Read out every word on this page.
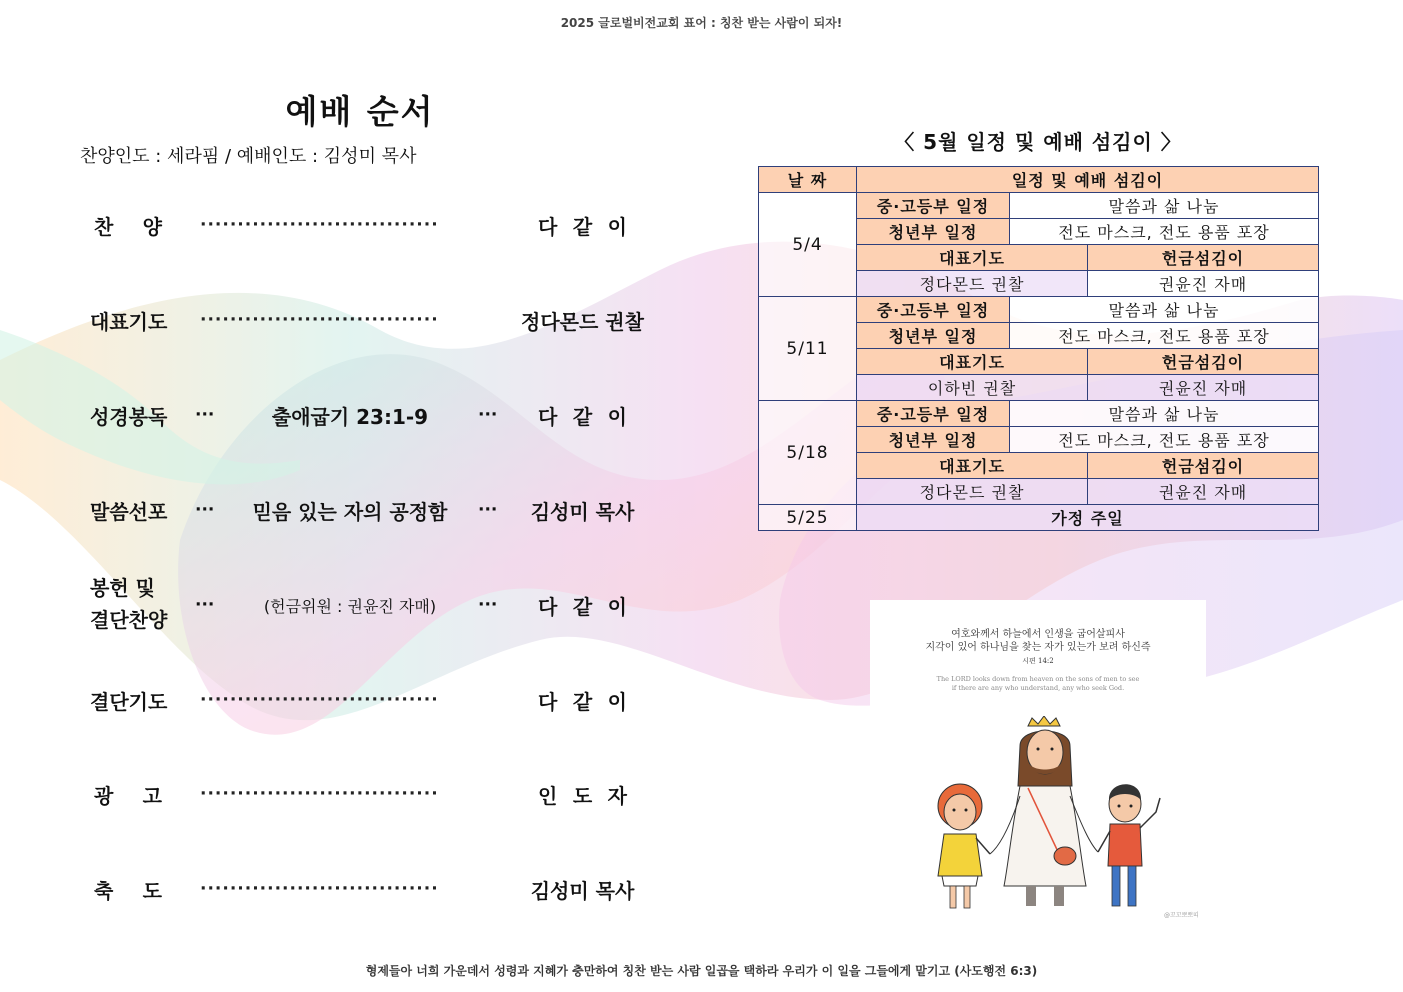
2025 글로벌비전교회 표어 : 칭찬 받는 사람이 되자!
예배 순서
찬양인도 : 세라핌 / 예배인도 : 김성미 목사
찬 양 ································	다 같 이
대표기도	································	정다몬드 권찰
성경봉독	···	출애굽기 23:1-9	··· 다 같 이
말씀선포	···	믿음 있는 자의 공정함	···	김성미 목사
봉헌 및
결단찬양
···	(헌금위원 : 권윤진 자매)	··· 다 같 이
결단기도	································	다 같 이
광 고 ································	인 도 자
축 도 ································	김성미 목사
〈 5월 일정 및 예배 섬김이 〉
날 짜	일정 및 예배 섬김이		
5/4	중·고등부 일정	말씀과 삶 나눔	
	청년부 일정	전도 마스크, 전도 용품 포장	
	대표기도		헌금섬김이
	정다몬드 권찰		권윤진 자매
5/11	중·고등부 일정	말씀과 삶 나눔	
	청년부 일정	전도 마스크, 전도 용품 포장	
	대표기도		헌금섬김이
	이하빈 권찰		권윤진 자매
5/18	중·고등부 일정	말씀과 삶 나눔	
	청년부 일정	전도 마스크, 전도 용품 포장	
	대표기도		헌금섬김이
	정다몬드 권찰		권윤진 자매
5/25	가정 주일		
여호와께서 하늘에서 인생을 굽어살피사
지각이 있어 하나님을 찾는 자가 있는가 보려 하신즉
시편 14:2
The LORD looks down from heaven on the sons of men to see
if there are any who understand, any who seek God.
@꼬꼬뽀뽀띠
형제들아 너희 가운데서 성령과 지혜가 충만하여 칭찬 받는 사람 일곱을 택하라 우리가 이 일을 그들에게 맡기고 (사도행전 6:3)
